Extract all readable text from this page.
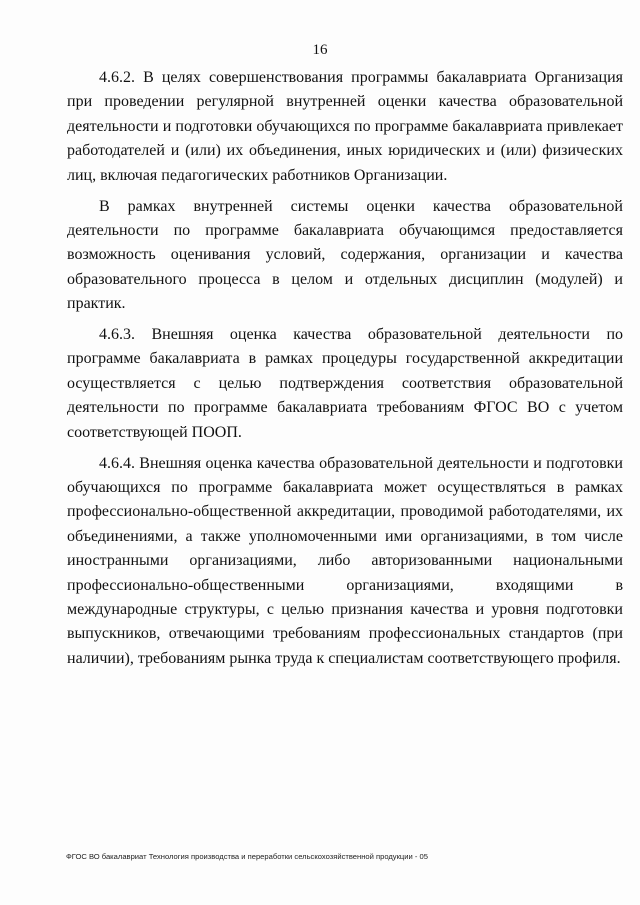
16

4.6.2. В целях совершенствования программы бакалавриата Организация при проведении регулярной внутренней оценки качества образовательной деятельности и подготовки обучающихся по программе бакалавриата привлекает работодателей и (или) их объединения, иных юридических и (или) физических лиц, включая педагогических работников Организации.

В рамках внутренней системы оценки качества образовательной деятельности по программе бакалавриата обучающимся предоставляется возможность оценивания условий, содержания, организации и качества образовательного процесса в целом и отдельных дисциплин (модулей) и практик.

4.6.3. Внешняя оценка качества образовательной деятельности по программе бакалавриата в рамках процедуры государственной аккредитации осуществляется с целью подтверждения соответствия образовательной деятельности по программе бакалавриата требованиям ФГОС ВО с учетом соответствующей ПООП.

4.6.4. Внешняя оценка качества образовательной деятельности и подготовки обучающихся по программе бакалавриата может осуществляться в рамках профессионально-общественной аккредитации, проводимой работодателями, их объединениями, а также уполномоченными ими организациями, в том числе иностранными организациями, либо авторизованными национальными профессионально-общественными организациями, входящими в международные структуры, с целью признания качества и уровня подготовки выпускников, отвечающими требованиям профессиональных стандартов (при наличии), требованиям рынка труда к специалистам соответствующего профиля.

ФГОС ВО бакалавриат Технология производства и переработки сельскохозяйственной продукции - 05
